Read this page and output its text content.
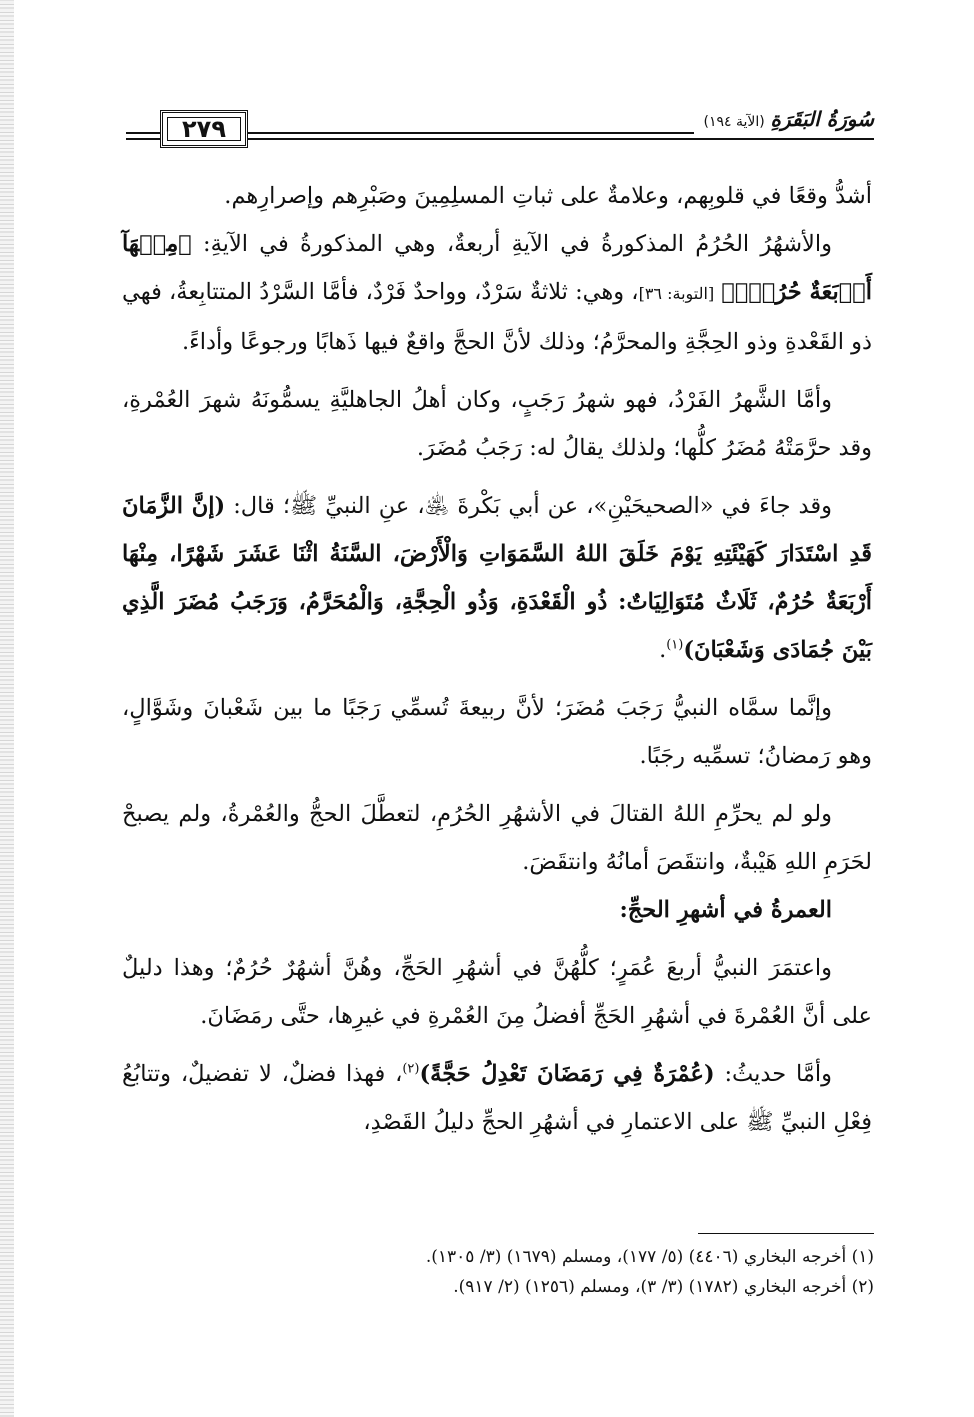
٢٧٩	سُورَةُ البَقَرَةِ (الآية ١٩٤)

أشدُّ وقعًا في قلوبِهم، وعلامةٌ على ثباتِ المسلِمِينَ وصَبْرِهم وإصرارِهم.

والأشهُرُ الحُرُمُ المذكورةُ في الآيةِ أربعةٌ، وهي المذكورةُ في الآيةِ: ﴿مِنۡهَآ أَرۡبَعَةٌ حُرُمٞۚ﴾ [التوبة: ٣٦]، وهي: ثلاثةٌ سَرْدٌ، وواحدٌ فَرْدٌ، فأمَّا السَّرْدُ المتتابِعةُ، فهي ذو القَعْدةِ وذو الحِجَّةِ والمحرَّمُ؛ وذلك لأنَّ الحجَّ واقعٌ فيها ذَهابًا ورجوعًا وأداءً.

وأمَّا الشَّهرُ الفَرْدُ، فهو شهرُ رَجَبٍ، وكان أهلُ الجاهليَّةِ يسمُّونَهُ شهرَ العُمْرةِ، وقد حرَّمَتْهُ مُضَرُ كلُّها؛ ولذلك يقالُ له: رَجَبُ مُضَرَ.

وقد جاءَ في «الصحيحَيْنِ»، عن أبي بَكْرةَ ﵁، عنِ النبيِّ ﷺ؛ قال: (إنَّ الزَّمَانَ قَدِ اسْتَدَارَ كَهَيْئَتِهِ يَوْمَ خَلَقَ اللهُ السَّمَوَاتِ وَالْأَرْضَ، السَّنَةُ اثْنَا عَشَرَ شَهْرًا، مِنْهَا أَرْبَعَةٌ حُرُمٌ، ثَلَاثٌ مُتَوَالِيَاتٌ: ذُو الْقَعْدَةِ، وَذُو الْحِجَّةِ، وَالْمُحَرَّمُ، وَرَجَبُ مُضَرَ الَّذِي بَيْنَ جُمَادَى وَشَعْبَانَ)$^{(١)}$.

وإنَّما سمَّاه النبيُّ رَجَبَ مُضَرَ؛ لأنَّ ربيعةَ تُسمِّي رَجَبًا ما بين شَعْبانَ وشَوَّالٍ، وهو رَمضانُ؛ تسمِّيه رجَبًا.

ولو لم يحرِّمِ اللهُ القتالَ في الأشهُرِ الحُرُمِ، لتعطَّلَ الحجُّ والعُمْرةُ، ولم يصبحْ لحَرَمِ اللهِ هَيْبةٌ، وانتقَصَ أمانُهُ وانتقَضَ.

العمرةُ في أشهرِ الحجِّ:

واعتمَرَ النبيُّ أربعَ عُمَرٍ؛ كلُّهُنَّ في أشهُرِ الحَجِّ، وهُنَّ أشهُرٌ حُرُمٌ؛ وهذا دليلٌ على أنَّ العُمْرةَ في أشهُرِ الحَجِّ أفضلُ مِنَ العُمْرةِ في غيرِها، حتَّى رمَضَانَ.

وأمَّا حديثُ: (عُمْرَةٌ فِي رَمَضَانَ تَعْدِلُ حَجَّةً)$^{(٢)}$، فهذا فضلٌ، لا تفضيلٌ، وتتابُعُ فِعْلِ النبيِّ ﷺ على الاعتمارِ في أشهُرِ الحجِّ دليلُ القَصْدِ،

(١) أخرجه البخاري (٤٤٠٦) (٥/ ١٧٧)، ومسلم (١٦٧٩) (٣/ ١٣٠٥).

(٢) أخرجه البخاري (١٧٨٢) (٣/ ٣)، ومسلم (١٢٥٦) (٢/ ٩١٧).
